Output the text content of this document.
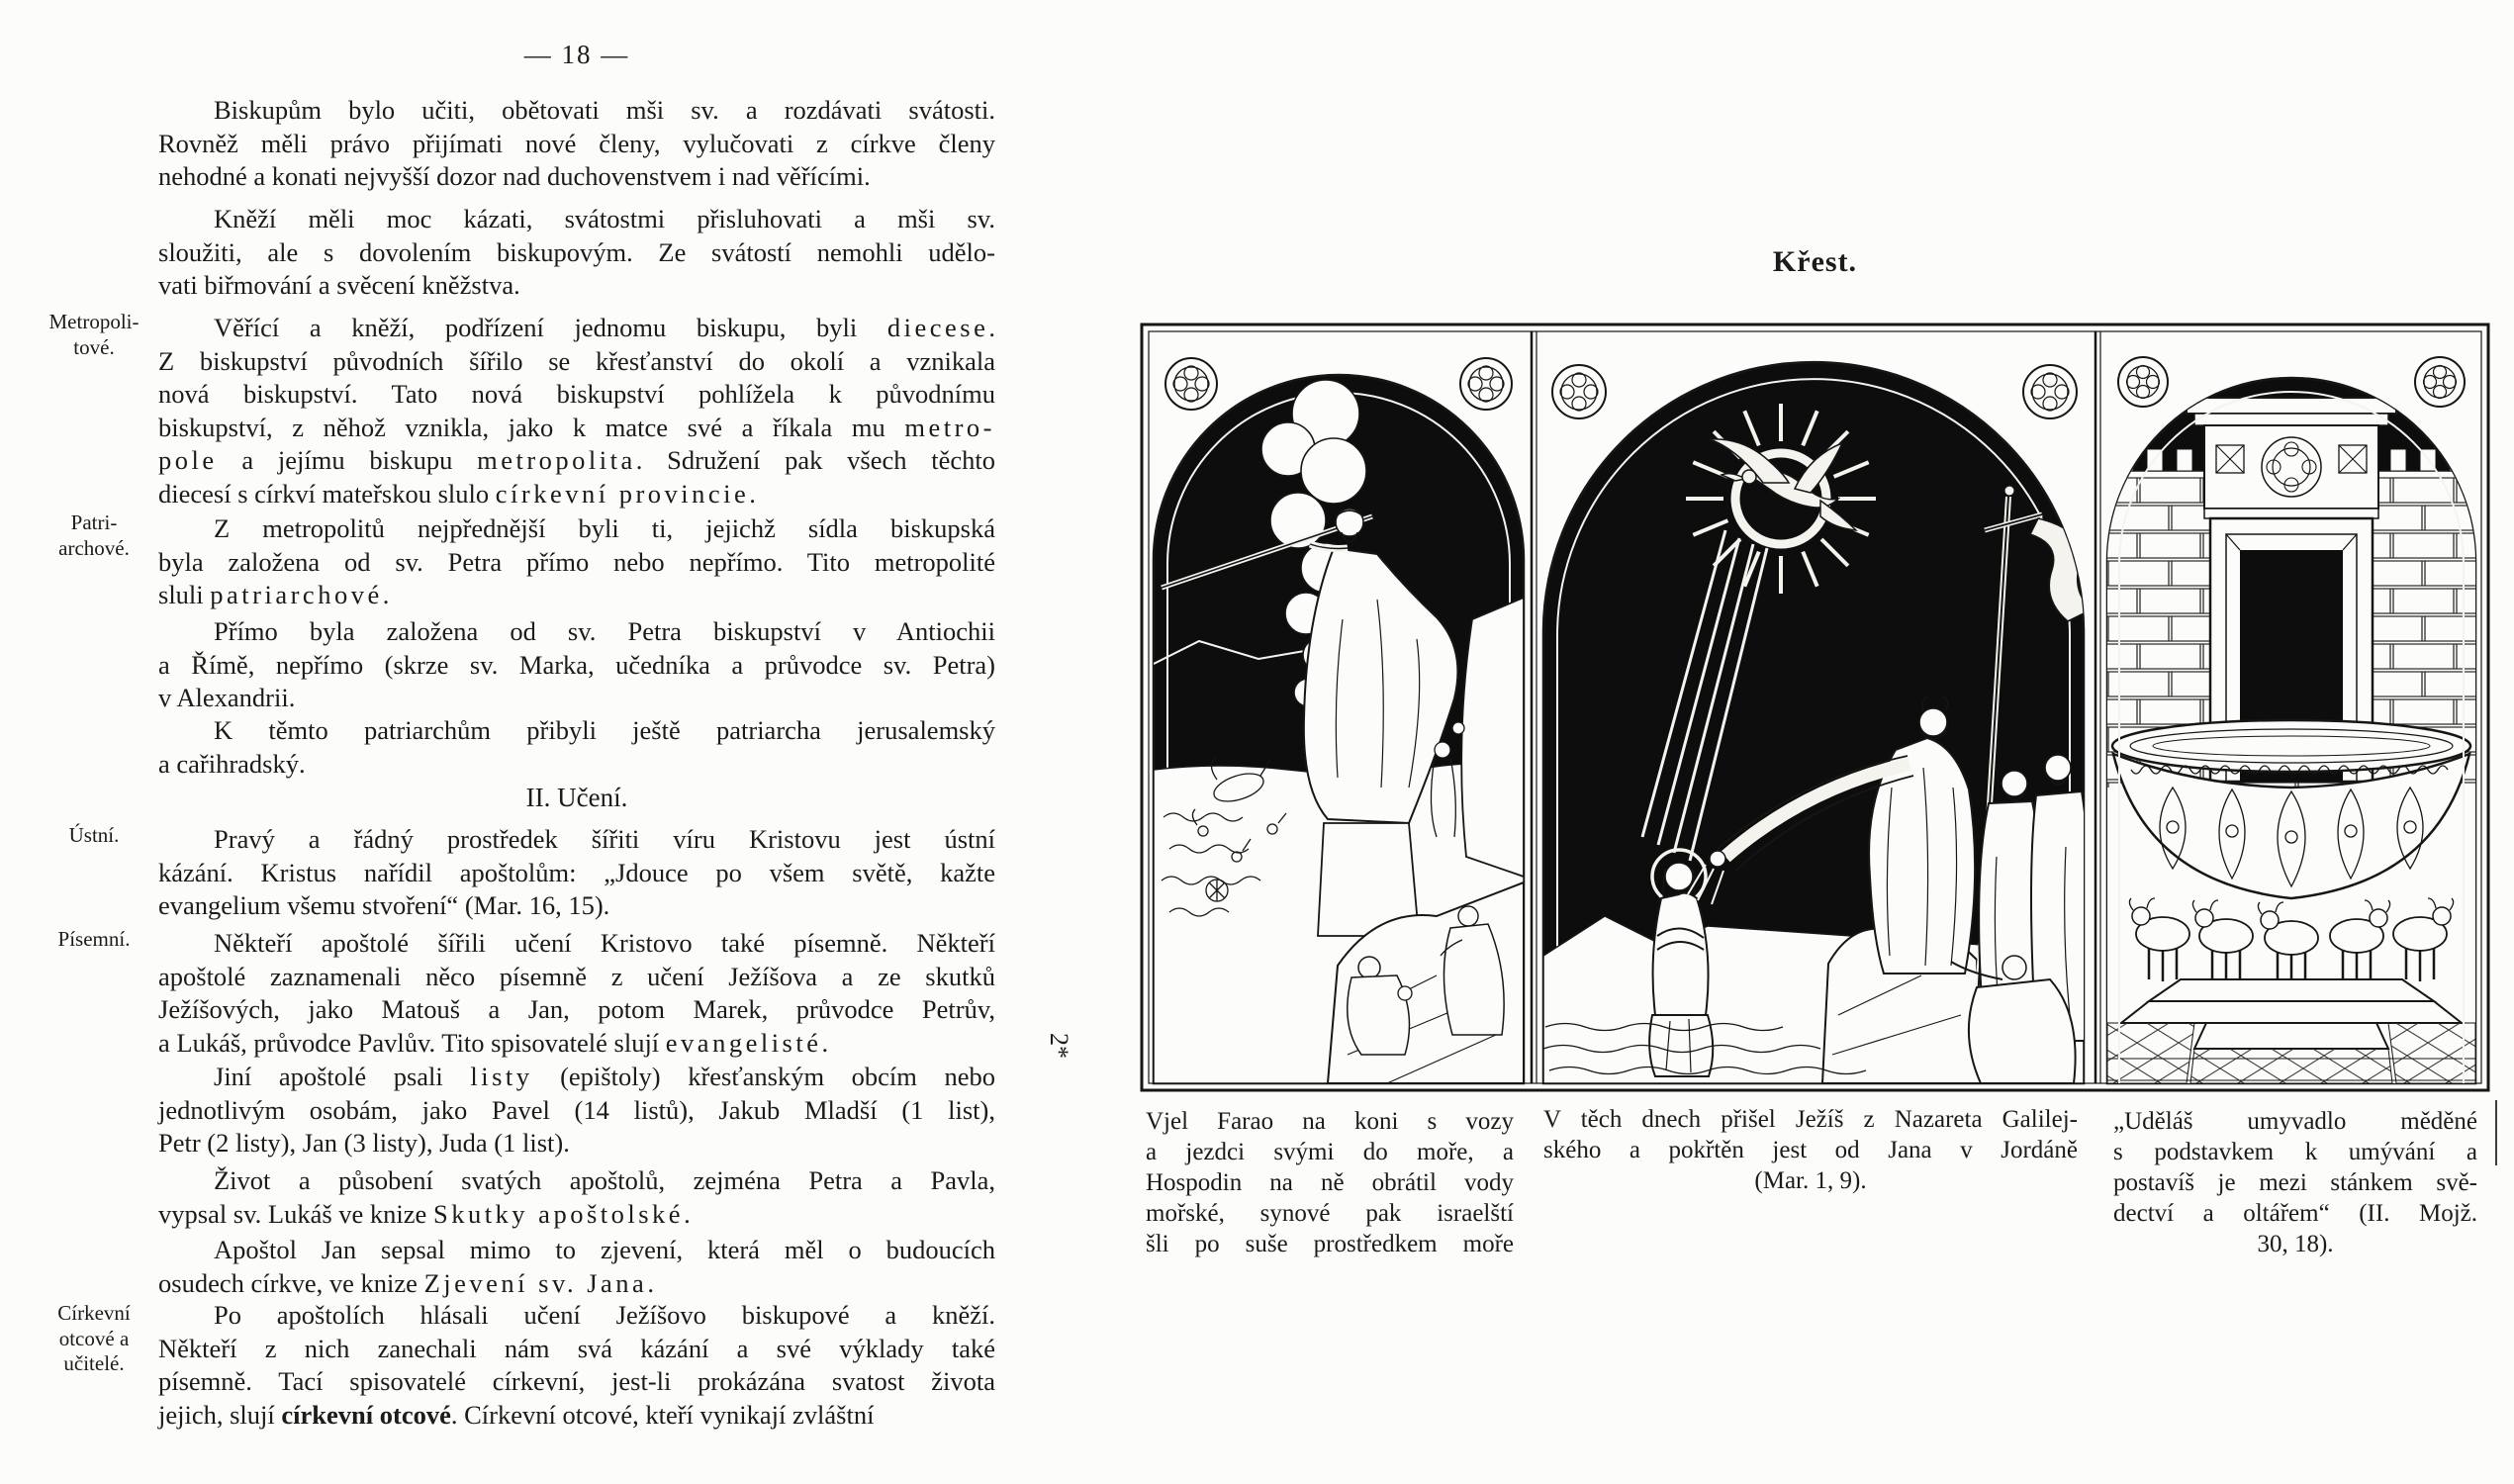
— 18 —
Metropoli-
tové.
Patri-
archové.
Ústní.
Písemní.
Církevní
otcové a
učitelé.
Biskupům bylo učiti, obětovati mši sv. a rozdávati svátosti.
Rovněž měli právo přijímati nové členy, vylučovati z církve členy
nehodné a konati nejvyšší dozor nad duchovenstvem i nad věřícími.
Kněží měli moc kázati, svátostmi přisluhovati a mši sv.
sloužiti, ale s dovolením biskupovým. Ze svátostí nemohli udělo-
vati biřmování a svěcení kněžstva.
Věřící a kněží, podřízení jednomu biskupu, byli diecese.
Z biskupství původních šířilo se křesťanství do okolí a vznikala
nová biskupství. Tato nová biskupství pohlížela k původnímu
biskupství, z něhož vznikla, jako k matce své a říkala mu metro-
pole a jejímu biskupu metropolita. Sdružení pak všech těchto
diecesí s církví mateřskou slulo církevní provincie.
Z metropolitů nejpřednější byli ti, jejichž sídla biskupská
byla založena od sv. Petra přímo nebo nepřímo. Tito metropolité
sluli patriarchové.
Přímo byla založena od sv. Petra biskupství v Antiochii
a Římě, nepřímo (skrze sv. Marka, učedníka a průvodce sv. Petra)
v Alexandrii.
K těmto patriarchům přibyli ještě patriarcha jerusalemský
a cařihradský.
II. Učení.
Pravý a řádný prostředek šířiti víru Kristovu jest ústní
kázání. Kristus nařídil apoštolům: „Jdouce po všem světě, kažte
evangelium všemu stvoření“ (Mar. 16, 15).
Někteří apoštolé šířili učení Kristovo také písemně. Někteří
apoštolé zaznamenali něco písemně z učení Ježíšova a ze skutků
Ježíšových, jako Matouš a Jan, potom Marek, průvodce Petrův,
a Lukáš, průvodce Pavlův. Tito spisovatelé slují evangelisté.
Jiní apoštolé psali listy (epištoly) křesťanským obcím nebo
jednotlivým osobám, jako Pavel (14 listů), Jakub Mladší (1 list),
Petr (2 listy), Jan (3 listy), Juda (1 list).
Život a působení svatých apoštolů, zejména Petra a Pavla,
vypsal sv. Lukáš ve knize Skutky apoštolské.
Apoštol Jan sepsal mimo to zjevení, která měl o budoucích
osudech církve, ve knize Zjevení sv. Jana.
Po apoštolích hlásali učení Ježíšovo biskupové a kněží.
Někteří z nich zanechali nám svá kázání a své výklady také
písemně. Tací spisovatelé církevní, jest-li prokázána svatost života
jejich, slují církevní otcové. Církevní otcové, kteří vynikají zvláštní
Křest.
Vjel Farao na koni s vozy
a jezdci svými do moře, a
Hospodin na ně obrátil vody
mořské, synové pak israelští
šli po suše prostředkem moře
V těch dnech přišel Ježíš z Nazareta Galilej-
ského a pokřtěn jest od Jana v Jordáně
(Mar. 1, 9).
„Uděláš umyvadlo měděné
s podstavkem k umývání a
postavíš je mezi stánkem svě-
dectví a oltářem“ (II. Mojž.
30, 18).
2*
